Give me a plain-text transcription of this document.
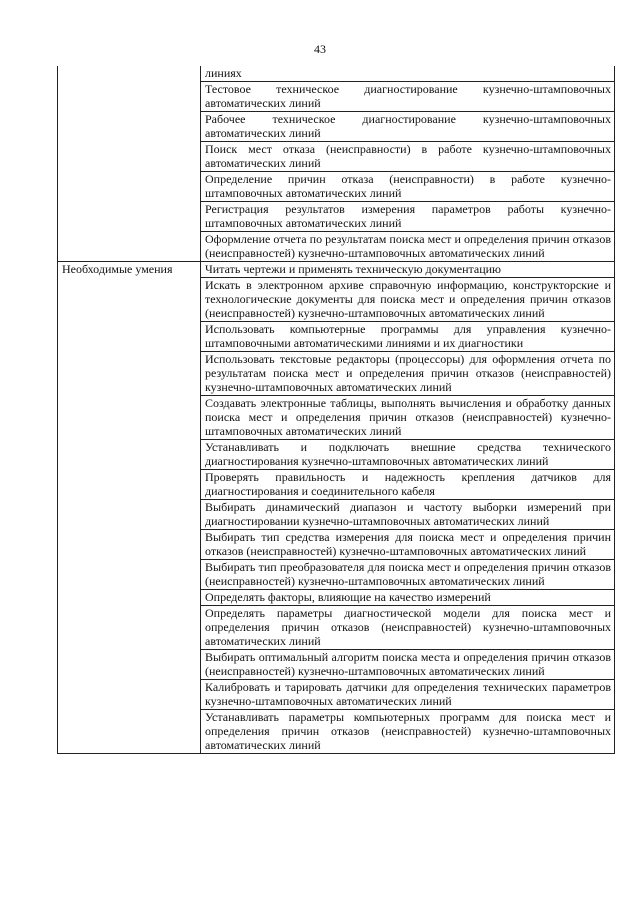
43
	линиях
	Тестовое техническое диагностирование кузнечно-штамповочных автоматических линий
	Рабочее техническое диагностирование кузнечно-штамповочных автоматических линий
	Поиск мест отказа (неисправности) в работе кузнечно-штамповочных автоматических линий
	Определение причин отказа (неисправности) в работе кузнечно-штамповочных автоматических линий
	Регистрация результатов измерения параметров работы кузнечно-штамповочных автоматических линий
	Оформление отчета по результатам поиска мест и определения причин отказов (неисправностей) кузнечно-штамповочных автоматических линий
Необходимые умения	Читать чертежи и применять техническую документацию
	Искать в электронном архиве справочную информацию, конструкторские и технологические документы для поиска мест и определения причин отказов (неисправностей) кузнечно-штамповочных автоматических линий
	Использовать компьютерные программы для управления кузнечно-штамповочными автоматическими линиями и их диагностики
	Использовать текстовые редакторы (процессоры) для оформления отчета по результатам поиска мест и определения причин отказов (неисправностей) кузнечно-штамповочных автоматических линий
	Создавать электронные таблицы, выполнять вычисления и обработку данных поиска мест и определения причин отказов (неисправностей) кузнечно-штамповочных автоматических линий
	Устанавливать и подключать внешние средства технического диагностирования кузнечно-штамповочных автоматических линий
	Проверять правильность и надежность крепления датчиков для диагностирования и соединительного кабеля
	Выбирать динамический диапазон и частоту выборки измерений при диагностировании кузнечно-штамповочных автоматических линий
	Выбирать тип средства измерения для поиска мест и определения причин отказов (неисправностей) кузнечно-штамповочных автоматических линий
	Выбирать тип преобразователя для поиска мест и определения причин отказов (неисправностей) кузнечно-штамповочных автоматических линий
	Определять факторы, влияющие на качество измерений
	Определять параметры диагностической модели для поиска мест и определения причин отказов (неисправностей) кузнечно-штамповочных автоматических линий
	Выбирать оптимальный алгоритм поиска места и определения причин отказов (неисправностей) кузнечно-штамповочных автоматических линий
	Калибровать и тарировать датчики для определения технических параметров кузнечно-штамповочных автоматических линий
	Устанавливать параметры компьютерных программ для поиска мест и определения причин отказов (неисправностей) кузнечно-штамповочных автоматических линий
